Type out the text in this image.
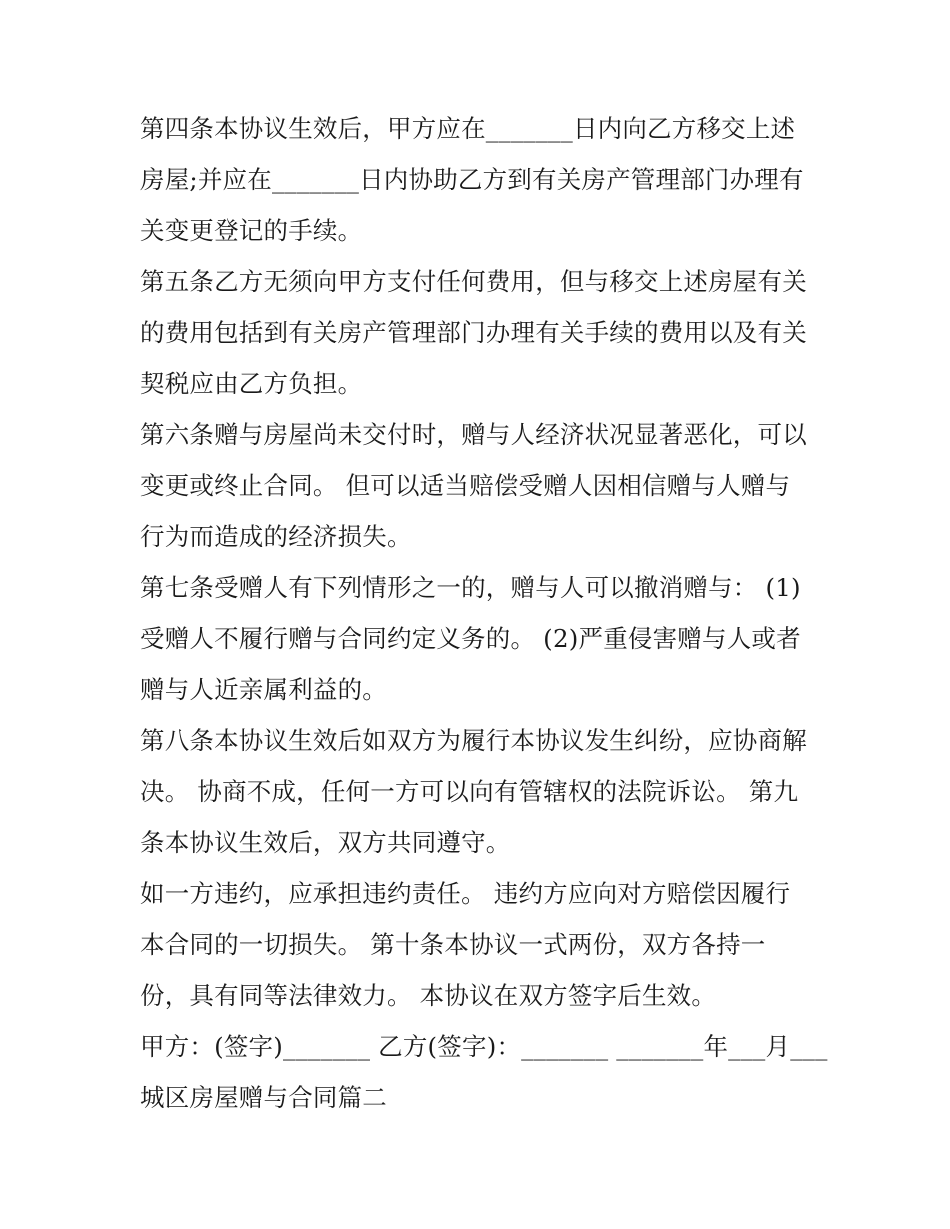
第四条本协议生效后，甲方应在_______日内向乙方移交上述

房屋;并应在_______日内协助乙方到有关房产管理部门办理有

关变更登记的手续。

第五条乙方无须向甲方支付任何费用，但与移交上述房屋有关

的费用包括到有关房产管理部门办理有关手续的费用以及有关

契税应由乙方负担。

第六条赠与房屋尚未交付时，赠与人经济状况显著恶化，可以

变更或终止合同。 但可以适当赔偿受赠人因相信赠与人赠与

行为而造成的经济损失。

第七条受赠人有下列情形之一的，赠与人可以撤消赠与： (1)

受赠人不履行赠与合同约定义务的。 (2)严重侵害赠与人或者

赠与人近亲属利益的。

第八条本协议生效后如双方为履行本协议发生纠纷，应协商解

决。 协商不成，任何一方可以向有管辖权的法院诉讼。 第九

条本协议生效后，双方共同遵守。

如一方违约，应承担违约责任。 违约方应向对方赔偿因履行

本合同的一切损失。 第十条本协议一式两份，双方各持一

份，具有同等法律效力。 本协议在双方签字后生效。

甲方：(签字)_______ 乙方(签字)：_______ _______年___月___

城区房屋赠与合同篇二
